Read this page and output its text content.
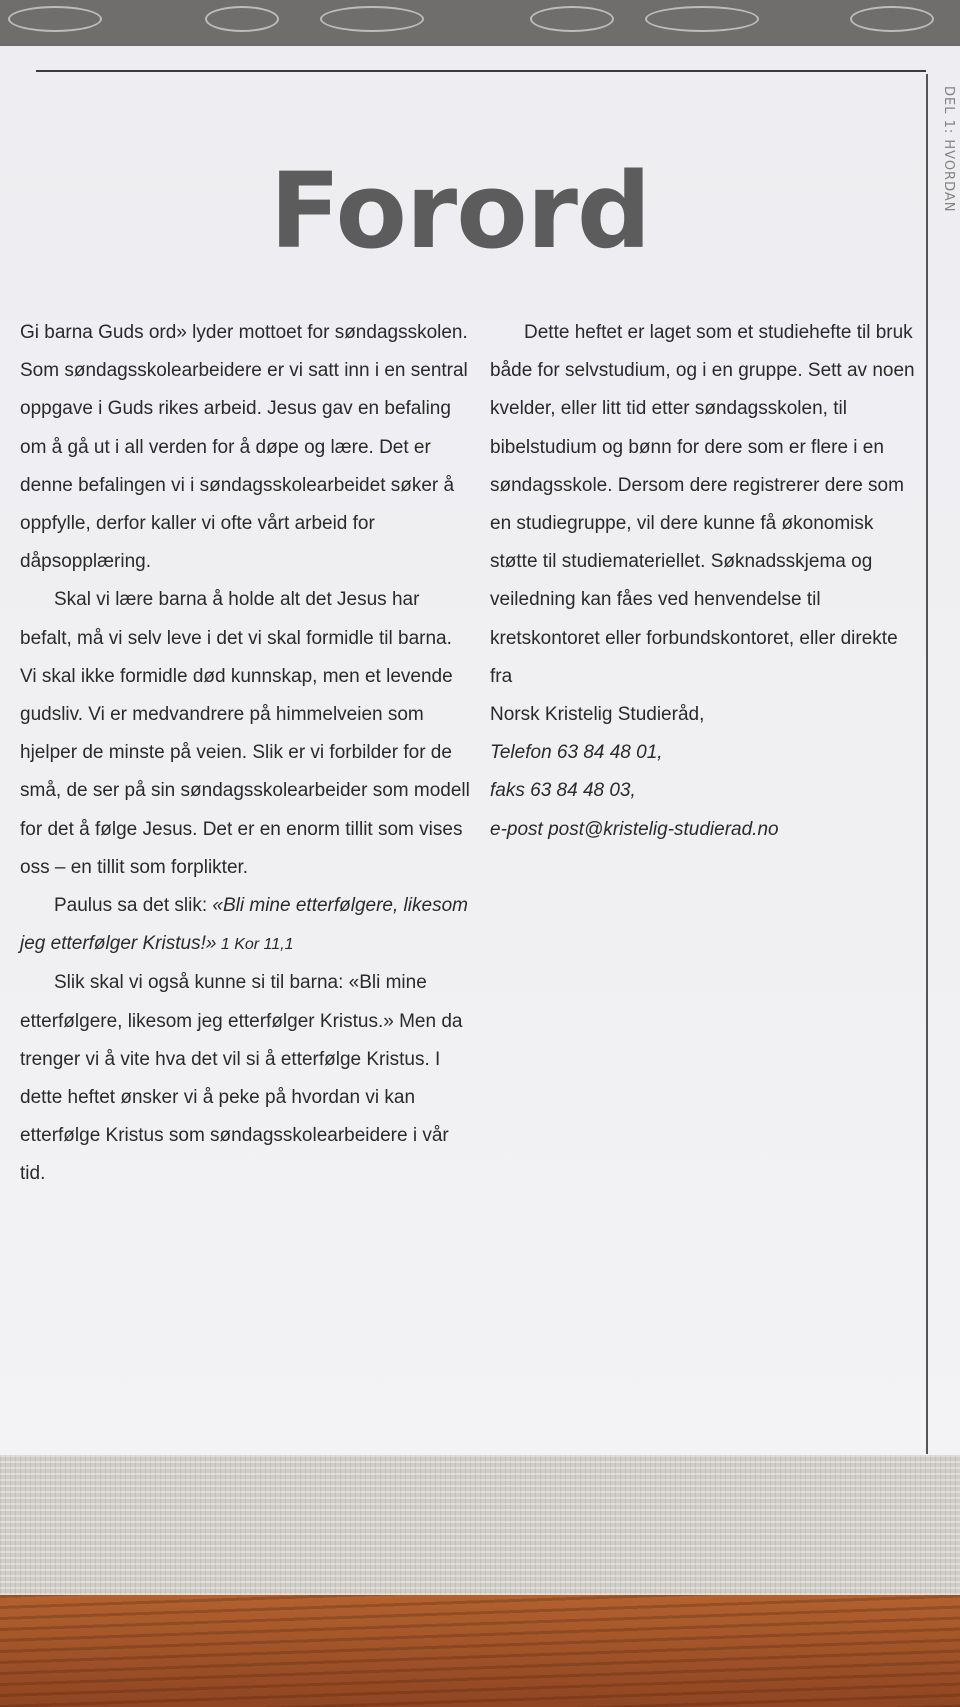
DEL 1: HVORDAN
Forord

Gi barna Guds ord» lyder mottoet for søndagsskolen. Som søndagsskolearbeidere er vi satt inn i en sentral oppgave i Guds rikes arbeid. Jesus gav en befaling om å gå ut i all verden for å døpe og lære. Det er denne befalingen vi i søndagsskolearbeidet søker å oppfylle, derfor kaller vi ofte vårt arbeid for dåpsopplæring.

Skal vi lære barna å holde alt det Jesus har befalt, må vi selv leve i det vi skal formidle til barna. Vi skal ikke formidle død kunnskap, men et levende gudsliv. Vi er medvandrere på himmelveien som hjelper de minste på veien. Slik er vi forbilder for de små, de ser på sin søndagsskolearbeider som modell for det å følge Jesus. Det er en enorm tillit som vises oss – en tillit som forplikter.

Paulus sa det slik: «Bli mine etterfølgere, likesom jeg etterfølger Kristus!» 1 Kor 11,1

Slik skal vi også kunne si til barna: «Bli mine etterfølgere, likesom jeg etterfølger Kristus.» Men da trenger vi å vite hva det vil si å etterfølge Kristus. I dette heftet ønsker vi å peke på hvordan vi kan etterfølge Kristus som søndagsskolearbeidere i vår tid.

Dette heftet er laget som et studiehefte til bruk både for selvstudium, og i en gruppe. Sett av noen kvelder, eller litt tid etter søndagsskolen, til bibelstudium og bønn for dere som er flere i en søndagsskole. Dersom dere registrerer dere som en studiegruppe, vil dere kunne få økonomisk støtte til studiemateriellet. Søknadsskjema og veiledning kan fåes ved henvendelse til kretskontoret eller forbundskontoret, eller direkte fra

Norsk Kristelig Studieråd,

Telefon 63 84 48 01,

faks 63 84 48 03,

e-post post@kristelig-studierad.no
